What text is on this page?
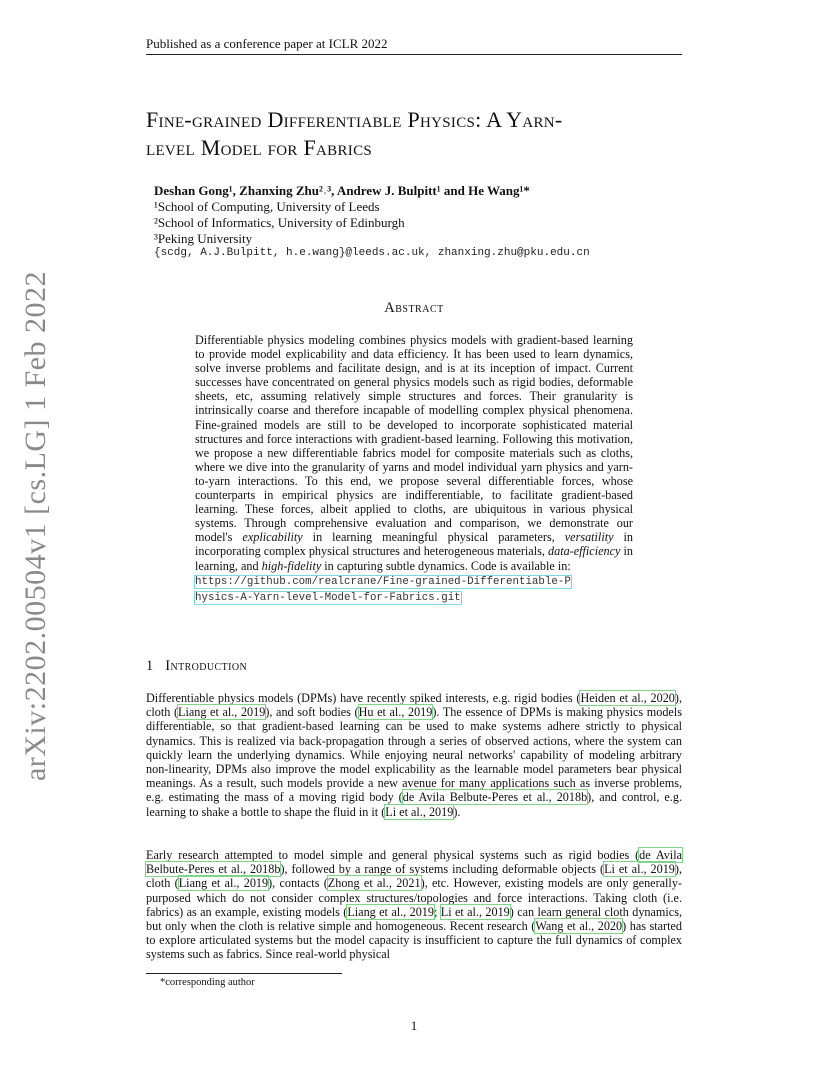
Published as a conference paper at ICLR 2022
arXiv:2202.00504v1 [cs.LG] 1 Feb 2022
Fine-grained Differentiable Physics: A Yarn-
level Model for Fabrics
Deshan Gong¹, Zhanxing Zhu²˒³, Andrew J. Bulpitt¹ and He Wang¹*
¹School of Computing, University of Leeds
²School of Informatics, University of Edinburgh
³Peking University
{scdg, A.J.Bulpitt, h.e.wang}@leeds.ac.uk, zhanxing.zhu@pku.edu.cn
Abstract

Differentiable physics modeling combines physics models with gradient-based learning to provide model explicability and data efficiency. It has been used to learn dynamics, solve inverse problems and facilitate design, and is at its inception of impact. Current successes have concentrated on general physics models such as rigid bodies, deformable sheets, etc, assuming relatively simple structures and forces. Their granularity is intrinsically coarse and therefore incapable of modelling complex physical phenomena. Fine-grained models are still to be developed to incorporate sophisticated material structures and force interactions with gradient-based learning. Following this motivation, we propose a new differentiable fabrics model for composite materials such as cloths, where we dive into the granularity of yarns and model individual yarn physics and yarn-to-yarn interactions. To this end, we propose several differentiable forces, whose counterparts in empirical physics are indifferentiable, to facilitate gradient-based learning. These forces, albeit applied to cloths, are ubiquitous in various physical systems. Through comprehensive evaluation and comparison, we demonstrate our model's explicability in learning meaningful physical parameters, versatility in incorporating complex physical structures and heterogeneous materials, data-efficiency in learning, and high-fidelity in capturing subtle dynamics. Code is available in:
https://github.com/realcrane/Fine-grained-Differentiable-P
hysics-A-Yarn-level-Model-for-Fabrics.git

1 Introduction

Differentiable physics models (DPMs) have recently spiked interests, e.g. rigid bodies (Heiden et al., 2020), cloth (Liang et al., 2019), and soft bodies (Hu et al., 2019). The essence of DPMs is making physics models differentiable, so that gradient-based learning can be used to make systems adhere strictly to physical dynamics. This is realized via back-propagation through a series of observed actions, where the system can quickly learn the underlying dynamics. While enjoying neural networks' capability of modeling arbitrary non-linearity, DPMs also improve the model explicability as the learnable model parameters bear physical meanings. As a result, such models provide a new avenue for many applications such as inverse problems, e.g. estimating the mass of a moving rigid body (de Avila Belbute-Peres et al., 2018b), and control, e.g. learning to shake a bottle to shape the fluid in it (Li et al., 2019).

Early research attempted to model simple and general physical systems such as rigid bodies (de Avila Belbute-Peres et al., 2018b), followed by a range of systems including deformable objects (Li et al., 2019), cloth (Liang et al., 2019), contacts (Zhong et al., 2021), etc. However, existing models are only generally-purposed which do not consider complex structures/topologies and force interactions. Taking cloth (i.e. fabrics) as an example, existing models (Liang et al., 2019; Li et al., 2019) can learn general cloth dynamics, but only when the cloth is relative simple and homogeneous. Recent research (Wang et al., 2020) has started to explore articulated systems but the model capacity is insufficient to capture the full dynamics of complex systems such as fabrics. Since real-world physical

*corresponding author
1
